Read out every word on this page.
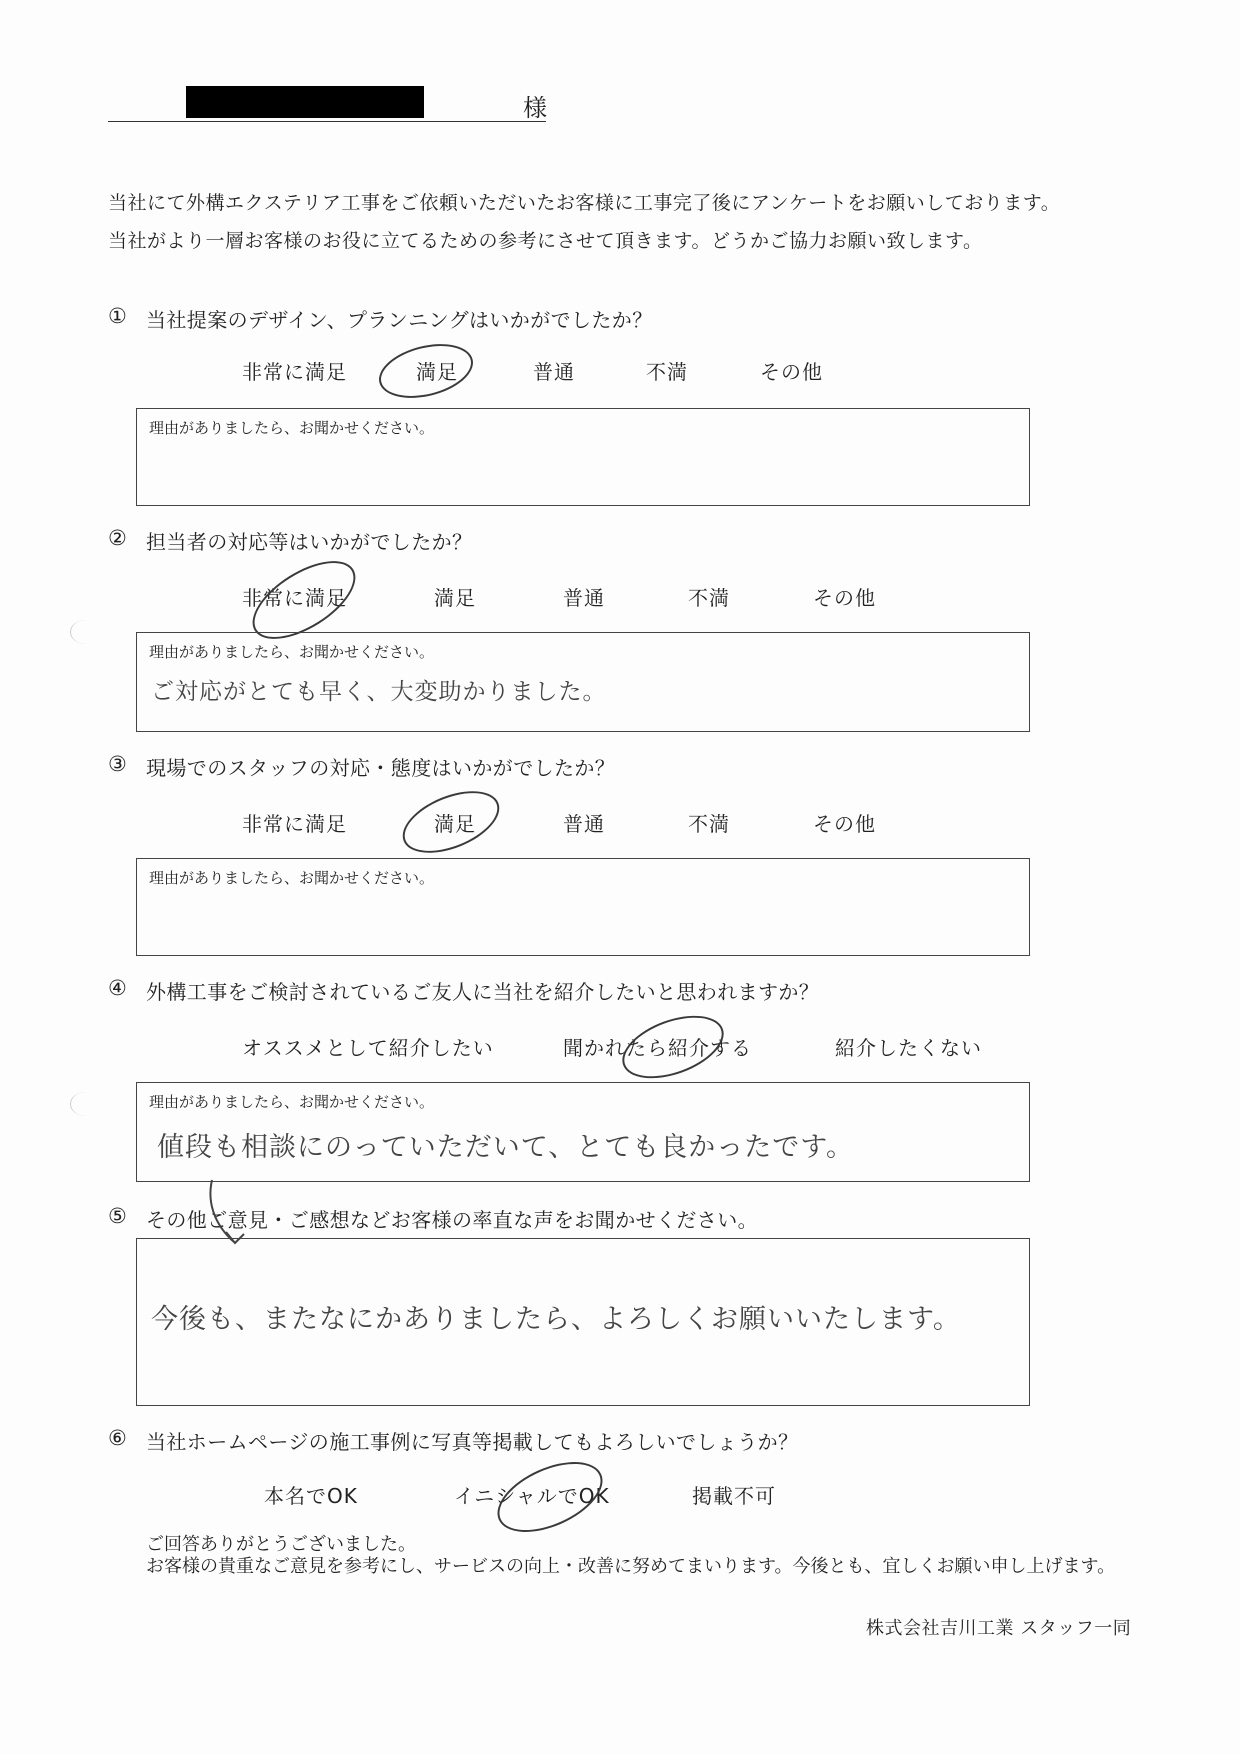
様
当社にて外構エクステリア工事をご依頼いただいたお客様に工事完了後にアンケートをお願いしております。
当社がより一層お客様のお役に立てるための参考にさせて頂きます。どうかご協力お願い致します。
① 当社提案のデザイン、プランニングはいかがでしたか？
非常に満足	満足	普通	不満	その他
理由がありましたら、お聞かせください。
② 担当者の対応等はいかがでしたか？
非常に満足	満足	普通	不満	その他
理由がありましたら、お聞かせください。
ご対応がとても早く、大変助かりました。
③ 現場でのスタッフの対応・態度はいかがでしたか？
非常に満足	満足	普通	不満	その他
理由がありましたら、お聞かせください。
④ 外構工事をご検討されているご友人に当社を紹介したいと思われますか？
オススメとして紹介したい	聞かれたら紹介する	紹介したくない
理由がありましたら、お聞かせください。
値段も相談にのっていただいて、とても良かったです。
⑤ その他ご意見・ご感想などお客様の率直な声をお聞かせください。
今後も、またなにかありましたら、よろしくお願いいたします。
⑥ 当社ホームページの施工事例に写真等掲載してもよろしいでしょうか？
本名でOK	イニシャルでOK	掲載不可
ご回答ありがとうございました。
お客様の貴重なご意見を参考にし、サービスの向上・改善に努めてまいります。今後とも、宜しくお願い申し上げます。
株式会社吉川工業 スタッフ一同
